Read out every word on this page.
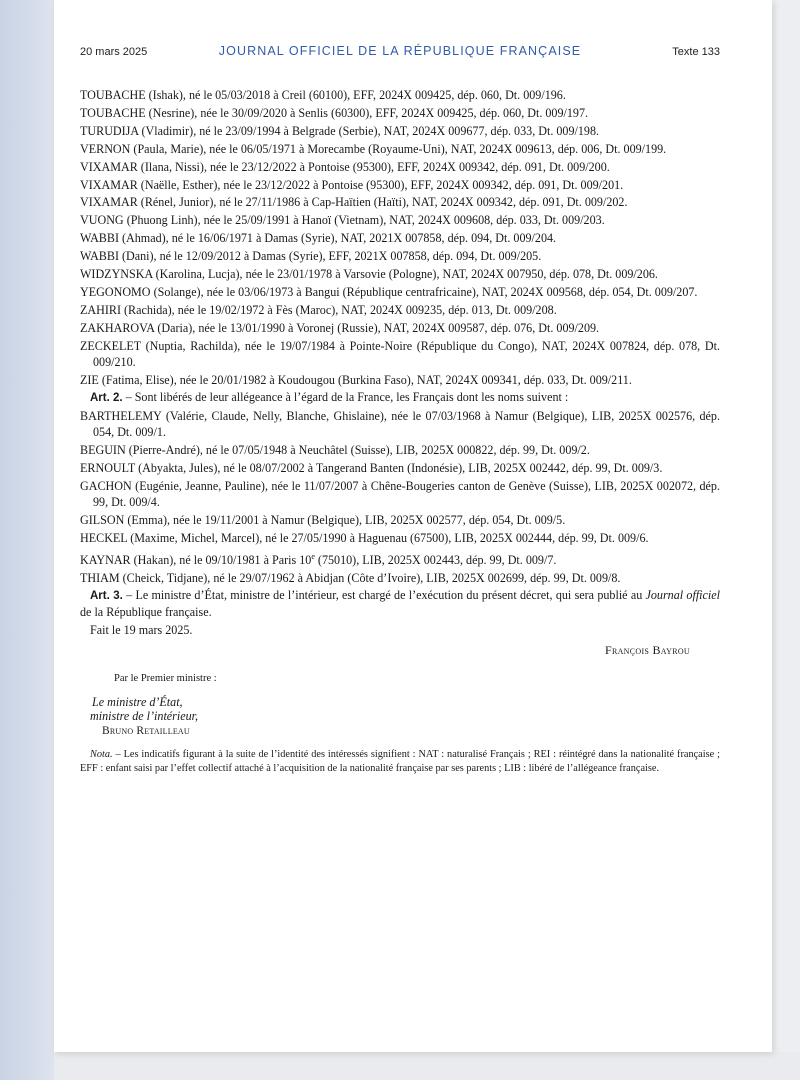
20 mars 2025	JOURNAL OFFICIEL DE LA RÉPUBLIQUE FRANÇAISE	Texte 133
TOUBACHE (Ishak), né le 05/03/2018 à Creil (60100), EFF, 2024X 009425, dép. 060, Dt. 009/196.
TOUBACHE (Nesrine), née le 30/09/2020 à Senlis (60300), EFF, 2024X 009425, dép. 060, Dt. 009/197.
TURUDIJA (Vladimir), né le 23/09/1994 à Belgrade (Serbie), NAT, 2024X 009677, dép. 033, Dt. 009/198.
VERNON (Paula, Marie), née le 06/05/1971 à Morecambe (Royaume-Uni), NAT, 2024X 009613, dép. 006, Dt. 009/199.
VIXAMAR (Ilana, Nissi), née le 23/12/2022 à Pontoise (95300), EFF, 2024X 009342, dép. 091, Dt. 009/200.
VIXAMAR (Naëlle, Esther), née le 23/12/2022 à Pontoise (95300), EFF, 2024X 009342, dép. 091, Dt. 009/201.
VIXAMAR (Rénel, Junior), né le 27/11/1986 à Cap-Haïtien (Haïti), NAT, 2024X 009342, dép. 091, Dt. 009/202.
VUONG (Phuong Linh), née le 25/09/1991 à Hanoï (Vietnam), NAT, 2024X 009608, dép. 033, Dt. 009/203.
WABBI (Ahmad), né le 16/06/1971 à Damas (Syrie), NAT, 2021X 007858, dép. 094, Dt. 009/204.
WABBI (Dani), né le 12/09/2012 à Damas (Syrie), EFF, 2021X 007858, dép. 094, Dt. 009/205.
WIDZYNSKA (Karolina, Lucja), née le 23/01/1978 à Varsovie (Pologne), NAT, 2024X 007950, dép. 078, Dt. 009/206.
YEGONOMO (Solange), née le 03/06/1973 à Bangui (République centrafricaine), NAT, 2024X 009568, dép. 054, Dt. 009/207.
ZAHIRI (Rachida), née le 19/02/1972 à Fès (Maroc), NAT, 2024X 009235, dép. 013, Dt. 009/208.
ZAKHAROVA (Daria), née le 13/01/1990 à Voronej (Russie), NAT, 2024X 009587, dép. 076, Dt. 009/209.
ZECKELET (Nuptia, Rachilda), née le 19/07/1984 à Pointe-Noire (République du Congo), NAT, 2024X 007824, dép. 078, Dt. 009/210.
ZIE (Fatima, Elise), née le 20/01/1982 à Koudougou (Burkina Faso), NAT, 2024X 009341, dép. 033, Dt. 009/211.
Art. 2. – Sont libérés de leur allégeance à l’égard de la France, les Français dont les noms suivent :
BARTHELEMY (Valérie, Claude, Nelly, Blanche, Ghislaine), née le 07/03/1968 à Namur (Belgique), LIB, 2025X 002576, dép. 054, Dt. 009/1.
BEGUIN (Pierre-André), né le 07/05/1948 à Neuchâtel (Suisse), LIB, 2025X 000822, dép. 99, Dt. 009/2.
ERNOULT (Abyakta, Jules), né le 08/07/2002 à Tangerand Banten (Indonésie), LIB, 2025X 002442, dép. 99, Dt. 009/3.
GACHON (Eugénie, Jeanne, Pauline), née le 11/07/2007 à Chêne-Bougeries canton de Genève (Suisse), LIB, 2025X 002072, dép. 99, Dt. 009/4.
GILSON (Emma), née le 19/11/2001 à Namur (Belgique), LIB, 2025X 002577, dép. 054, Dt. 009/5.
HECKEL (Maxime, Michel, Marcel), né le 27/05/1990 à Haguenau (67500), LIB, 2025X 002444, dép. 99, Dt. 009/6.
KAYNAR (Hakan), né le 09/10/1981 à Paris 10e (75010), LIB, 2025X 002443, dép. 99, Dt. 009/7.
THIAM (Cheick, Tidjane), né le 29/07/1962 à Abidjan (Côte d’Ivoire), LIB, 2025X 002699, dép. 99, Dt. 009/8.
Art. 3. – Le ministre d’État, ministre de l’intérieur, est chargé de l’exécution du présent décret, qui sera publié au Journal officiel de la République française.
Fait le 19 mars 2025.
François Bayrou
Par le Premier ministre :
Le ministre d’État,
ministre de l’intérieur,
Bruno Retailleau
Nota. – Les indicatifs figurant à la suite de l’identité des intéressés signifient : NAT : naturalisé Français ; REI : réintégré dans la nationalité française ; EFF : enfant saisi par l’effet collectif attaché à l’acquisition de la nationalité française par ses parents ; LIB : libéré de l’allégeance française.
